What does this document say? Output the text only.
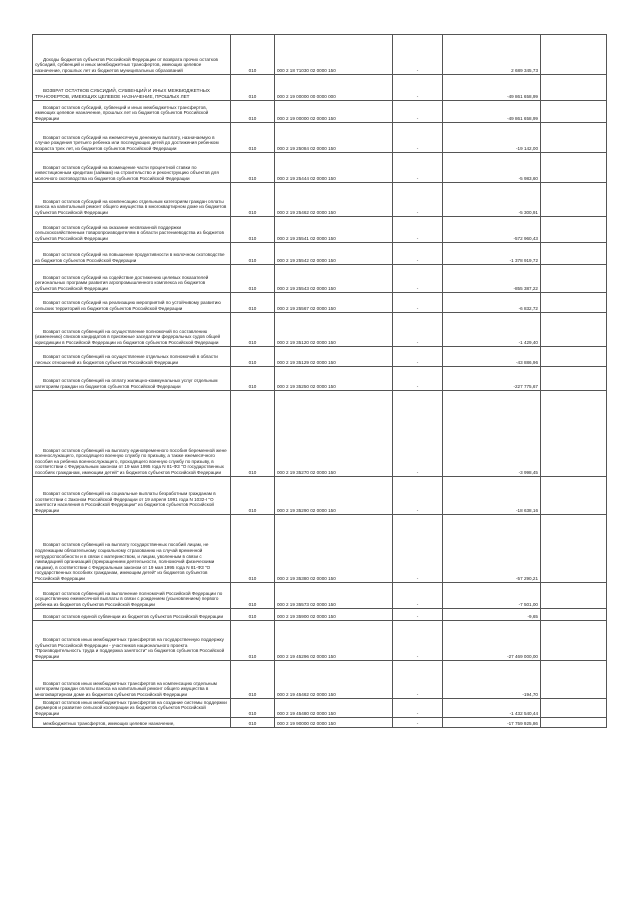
Доходы бюджетов субъектов Российской Федерации от возврата прочих остатков субсидий, субвенций и иных межбюджетных трансфертов, имеющих целевое назначение, прошлых лет из бюджетов муниципальных образований	010	000 2 18 71030 02 0000 150	-	2 689 345,73	
ВОЗВРАТ ОСТАТКОВ СУБСИДИЙ, СУБВЕНЦИЙ И ИНЫХ МЕЖБЮДЖЕТНЫХ ТРАНСФЕРТОВ, ИМЕЮЩИХ ЦЕЛЕВОЕ НАЗНАЧЕНИЕ, ПРОШЛЫХ ЛЕТ	010	000 2 19 00000 00 0000 000	-	-49 861 658,99	
Возврат остатков субсидий, субвенций и иных межбюджетных трансфертов, имеющих целевое назначение, прошлых лет из бюджетов субъектов Российской Федерации	010	000 2 19 00000 02 0000 150	-	-49 861 658,99	
Возврат остатков субсидий на ежемесячную денежную выплату, назначаемую в случае рождения третьего ребенка или последующих детей до достижения ребенком возраста трех лет, из бюджетов субъектов Российской Федерации	010	000 2 19 25084 02 0000 150	-	-19 142,00	
Возврат остатков субсидий на возмещение части процентной ставки по инвестиционным кредитам (займам) на строительство и реконструкцию объектов для молочного скотоводства из бюджетов субъектов Российской Федерации	010	000 2 19 25444 02 0000 150	-	-5 983,60	
Возврат остатков субсидий на компенсацию отдельным категориям граждан оплаты взноса на капитальный ремонт общего имущества в многоквартирном доме из бюджетов субъектов Российской Федерации	010	000 2 19 25462 02 0000 150	-	-5 300,91	
Возврат остатков субсидий на оказание несвязанной поддержки сельскохозяйственным товаропроизводителям в области растениеводства из бюджетов субъектов Российской Федерации	010	000 2 19 25541 02 0000 150	-	-572 960,43	
Возврат остатков субсидий на повышение продуктивности в молочном скотоводстве из бюджетов субъектов Российской Федерации	010	000 2 19 25542 02 0000 150	-	-1 378 919,72	
Возврат остатков субсидий на содействие достижению целевых показателей региональных программ развития агропромышленного комплекса из бюджетов субъектов Российской Федерации	010	000 2 19 25543 02 0000 150	-	-855 387,22	
Возврат остатков субсидий на реализацию мероприятий по устойчивому развитию сельских территорий из бюджетов субъектов Российской Федерации	010	000 2 19 25567 02 0000 150	-	-6 832,72	
Возврат остатков субвенций на осуществление полномочий по составлению (изменению) списков кандидатов в присяжные заседатели федеральных судов общей юрисдикции в Российской Федерации из бюджетов субъектов Российской Федерации	010	000 2 19 35120 02 0000 150	-	-1 429,40	
Возврат остатков субвенций на осуществление отдельных полномочий в области лесных отношений из бюджетов субъектов Российской Федерации	010	000 2 19 35129 02 0000 150	-	-43 886,96	
Возврат остатков субвенций на оплату жилищно-коммунальных услуг отдельным категориям граждан из бюджетов субъектов Российской Федерации	010	000 2 19 35250 02 0000 150	-	-227 775,67	
Возврат остатков субвенций на выплату единовременного пособия беременной жене военнослужащего, проходящего военную службу по призыву, а также ежемесячного пособия на ребенка военнослужащего, проходящего военную службу по призыву, в соответствии с Федеральным законом от 19 мая 1995 года N 81-ФЗ "О государственных пособиях гражданам, имеющим детей" из бюджетов субъектов Российской Федерации	010	000 2 19 35270 02 0000 150	-	-3 998,45	
Возврат остатков субвенций на социальные выплаты безработным гражданам в соответствии с Законом Российской Федерации от 19 апреля 1991 года N 1032-I "О занятости населения в Российской Федерации" из бюджетов субъектов Российской Федерации	010	000 2 19 35290 02 0000 150	-	-18 638,16	
Возврат остатков субвенций на выплату государственных пособий лицам, не подлежащим обязательному социальному страхованию на случай временной нетрудоспособности и в связи с материнством, и лицам, уволенным в связи с ликвидацией организаций (прекращением деятельности, полномочий физическими лицами), в соответствии с Федеральным законом от 19 мая 1995 года N 81-ФЗ "О государственных пособиях гражданам, имеющим детей" из бюджетов субъектов Российской Федерации	010	000 2 19 35380 02 0000 150	-	-57 290,21	
Возврат остатков субвенций на выполнение полномочий Российской Федерации по осуществлению ежемесячной выплаты в связи с рождением (усыновлением) первого ребенка из бюджетов субъектов Российской Федерации	010	000 2 19 35573 02 0000 150	-	-7 501,00	
Возврат остатков единой субвенции из бюджетов субъектов Российской Федерации	010	000 2 19 35900 02 0000 150	-	-9,65	
Возврат остатков иных межбюджетных трансфертов на государственную поддержку субъектов Российской Федерации - участников национального проекта "Производительность труда и поддержка занятости" из бюджетов субъектов Российской Федерации	010	000 2 19 45296 02 0000 150	-	-27 469 000,00	
Возврат остатков иных межбюджетных трансфертов на компенсацию отдельным категориям граждан оплаты взноса на капитальный ремонт общего имущества в многоквартирном доме из бюджетов субъектов Российской Федерации	010	000 2 19 45462 02 0000 150	-	-194,70	
Возврат остатков иных межбюджетных трансфертов на создание системы поддержки фермеров и развитие сельской кооперации из бюджетов субъектов Российской Федерации	010	000 2 19 45480 02 0000 150	-	-1 432 540,44	
межбюджетных трансфертов, имеющих целевое назначение,	010	000 2 19 90000 02 0000 150	-	-17 759 925,86	
